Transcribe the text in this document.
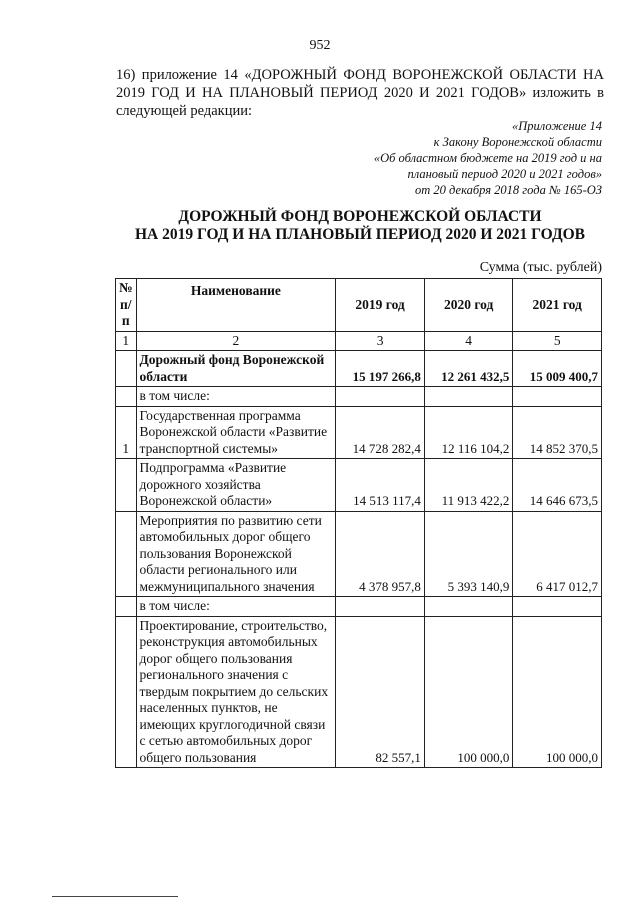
952
16) приложение 14 «ДОРОЖНЫЙ ФОНД ВОРОНЕЖСКОЙ ОБЛАСТИ НА 2019 ГОД И НА ПЛАНОВЫЙ ПЕРИОД 2020 И 2021 ГОДОВ» изложить в следующей редакции:
«Приложение 14
к Закону Воронежской области
«Об областном бюджете на 2019 год и на
плановый период 2020 и 2021 годов»
от 20 декабря 2018 года № 165-ОЗ
ДОРОЖНЫЙ ФОНД ВОРОНЕЖСКОЙ ОБЛАСТИ
НА 2019 ГОД И НА ПЛАНОВЫЙ ПЕРИОД 2020 И 2021 ГОДОВ
Сумма (тыс. рублей)
№
п/п	Наименование	2019 год	2020 год	2021 год
1	2	3	4	5
	Дорожный фонд Воронежской области	15 197 266,8	12 261 432,5	15 009 400,7
	в том числе:			
1	Государственная программа Воронежской области «Развитие транспортной системы»	14 728 282,4	12 116 104,2	14 852 370,5
	Подпрограмма «Развитие дорожного хозяйства Воронежской области»	14 513 117,4	11 913 422,2	14 646 673,5
	Мероприятия по развитию сети автомобильных дорог общего пользования Воронежской области регионального или межмуниципального значения	4 378 957,8	5 393 140,9	6 417 012,7
	в том числе:			
	Проектирование, строительство, реконструкция автомобильных дорог общего пользования регионального значения с твердым покрытием до сельских населенных пунктов, не имеющих круглогодичной связи с сетью автомобильных дорог общего пользования	82 557,1	100 000,0	100 000,0
